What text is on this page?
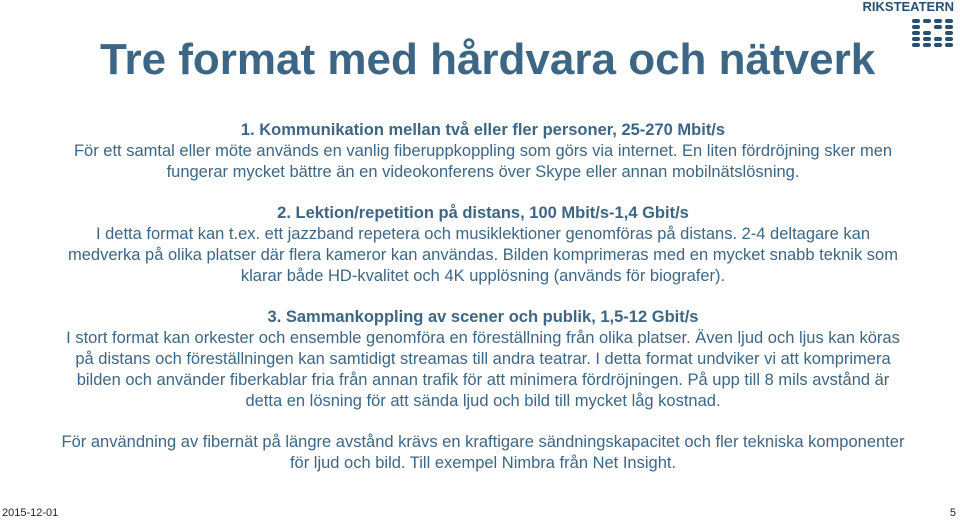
Tre format med hårdvara och nätverk
RIKSTEATERN
1. Kommunikation mellan två eller fler personer, 25-270 Mbit/s
För ett samtal eller möte används en vanlig fiberuppkoppling som görs via internet. En liten fördröjning sker men fungerar mycket bättre än en videokonferens över Skype eller annan mobilnätslösning.
2. Lektion/repetition på distans, 100 Mbit/s-1,4 Gbit/s
I detta format kan t.ex. ett jazzband repetera och musiklektioner genomföras på distans. 2-4 deltagare kan medverka på olika platser där flera kameror kan användas. Bilden komprimeras med en mycket snabb teknik som klarar både HD-kvalitet och 4K upplösning (används för biografer).
3. Sammankoppling av scener och publik, 1,5-12 Gbit/s
I stort format kan orkester och ensemble genomföra en föreställning från olika platser. Även ljud och ljus kan köras på distans och föreställningen kan samtidigt streamas till andra teatrar. I detta format undviker vi att komprimera bilden och använder fiberkablar fria från annan trafik för att minimera fördröjningen. På upp till 8 mils avstånd är detta en lösning för att sända ljud och bild till mycket låg kostnad.
För användning av fibernät på längre avstånd krävs en kraftigare sändningskapacitet och fler tekniska komponenter för ljud och bild. Till exempel Nimbra från Net Insight.
2015-12-01	5
